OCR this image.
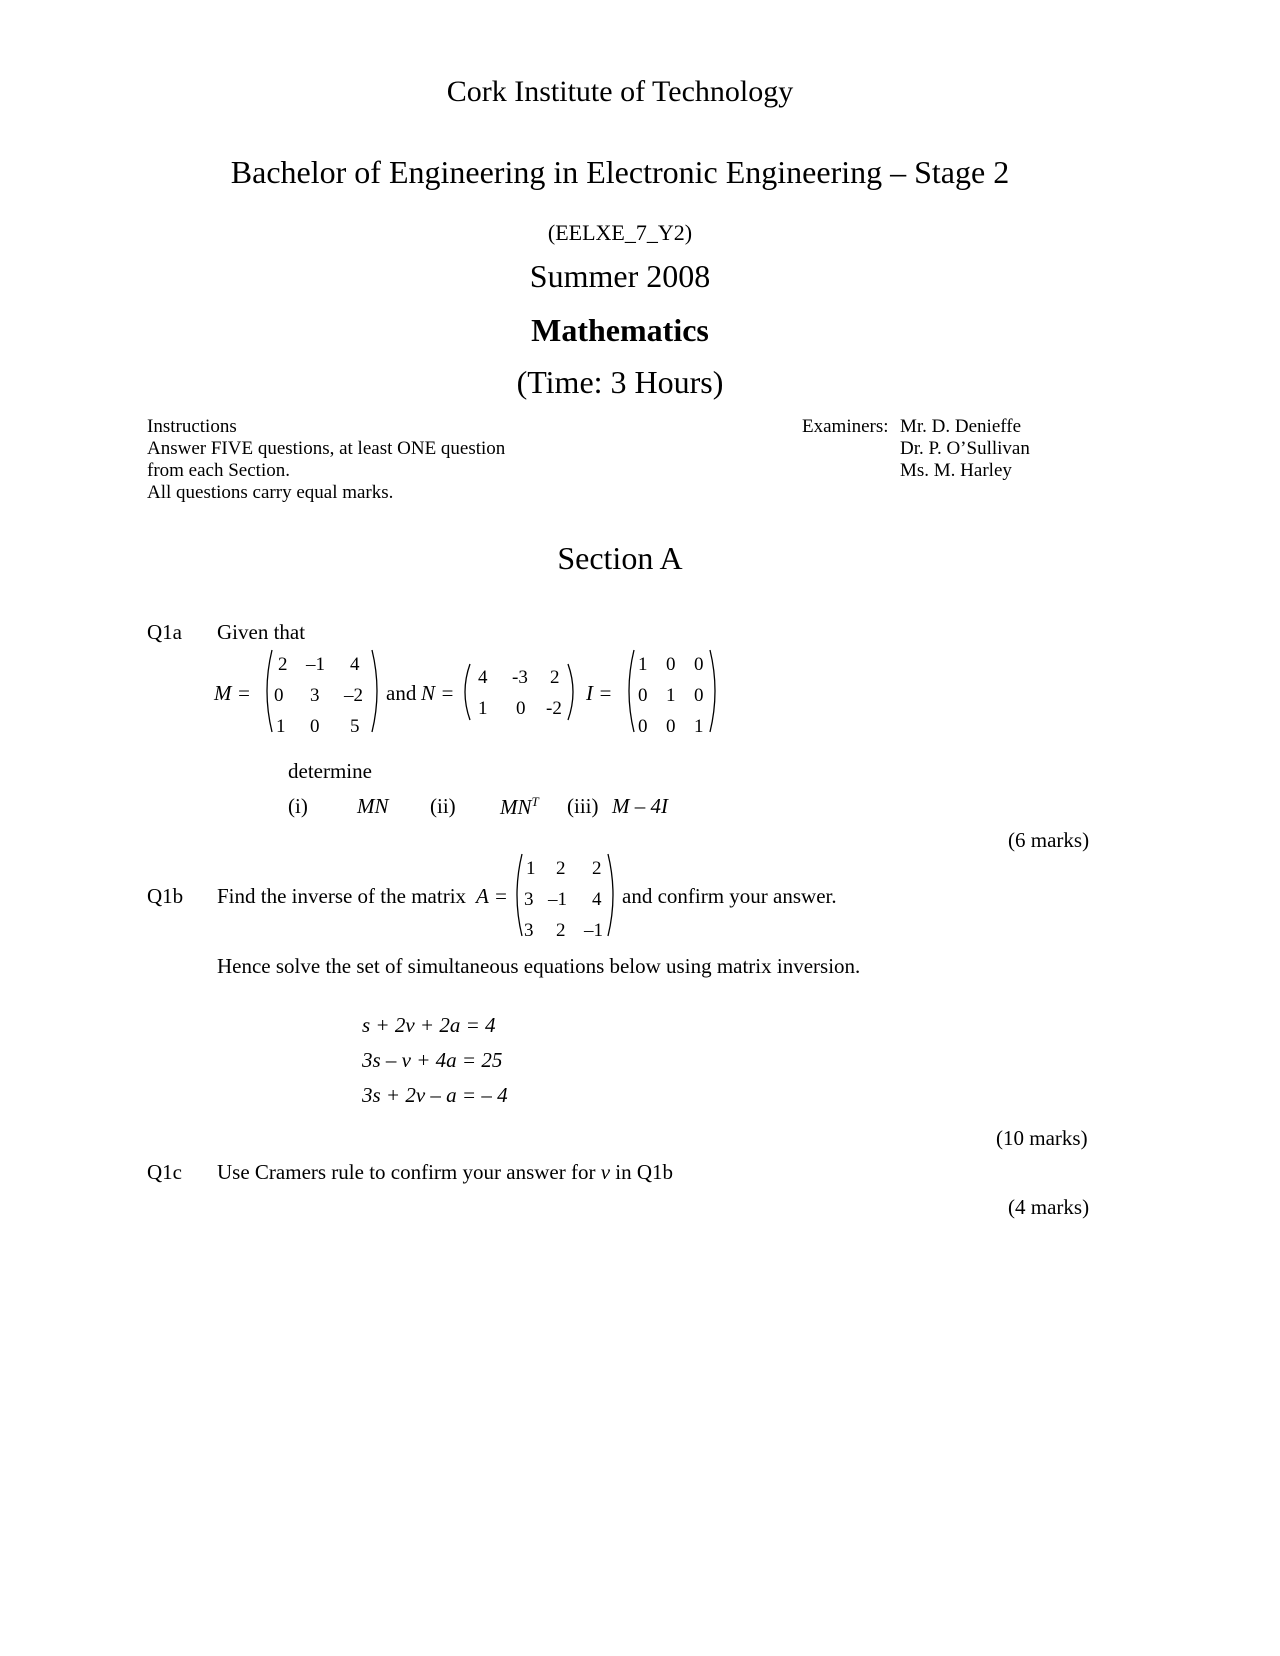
Cork Institute of Technology
Bachelor of Engineering in Electronic Engineering – Stage 2
(EELXE_7_Y2)
Summer 2008
Mathematics
(Time: 3 Hours)
Instructions
Answer FIVE questions, at least ONE question
from each Section.
All questions carry equal marks.
Examiners: Mr. D. Denieffe
Dr. P. O’Sullivan
Ms. M. Harley
Section A
Q1a Given that
M =
2 –1 4
0 3 –2
1 0 5
and N =
4 -3 2
1 0 -2
I =
1 0 0
0 1 0
0 0 1
determine
(i) MN (ii) $MN^T$ (iii) M – 4I
(6 marks)
Q1b Find the inverse of the matrix A =
1 2 2
3 –1 4
3 2 –1
and confirm your answer.
Hence solve the set of simultaneous equations below using matrix inversion.
s + 2v + 2a = 4
3s – v + 4a = 25
3s + 2v – a = – 4
(10 marks)
Q1c Use Cramers rule to confirm your answer for v in Q1b
(4 marks)
